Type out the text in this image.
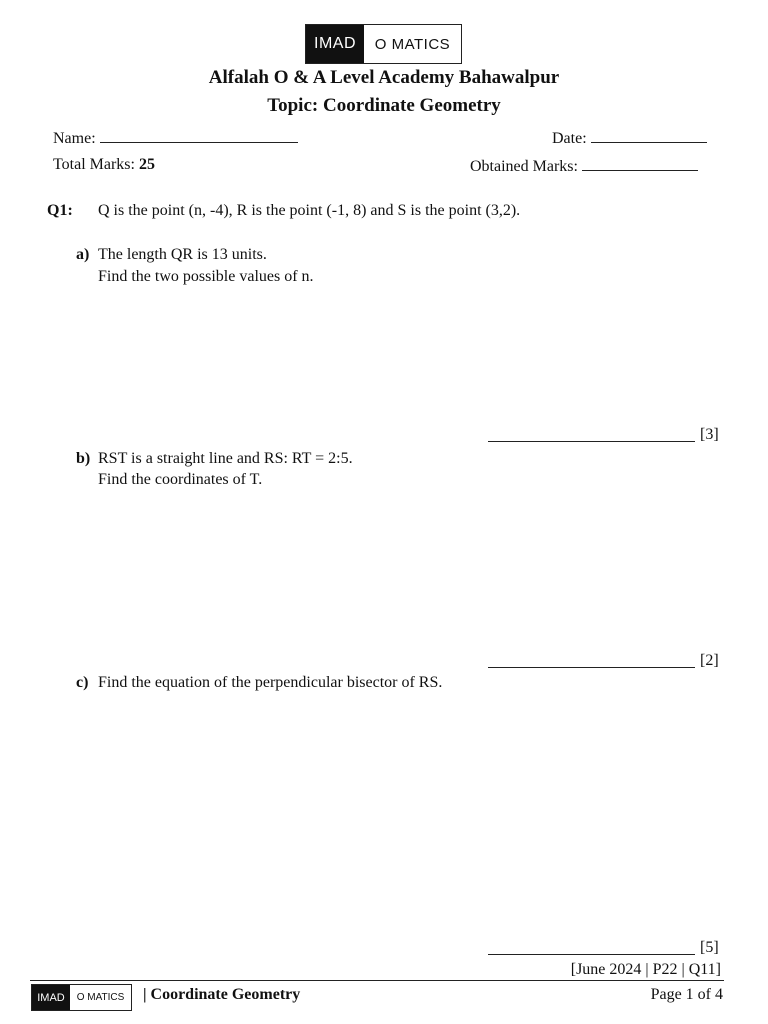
IMAD	O MATICS
Alfalah O & A Level Academy Bahawalpur
Topic: Coordinate Geometry
Name:	Date:
Total Marks: 25	Obtained Marks:
Q1: Q is the point (n, -4), R is the point (-1, 8) and S is the point (3,2).
a) The length QR is 13 units.
Find the two possible values of n.
[3]
b) RST is a straight line and RS: RT = 2:5.
Find the coordinates of T.
[2]
c) Find the equation of the perpendicular bisector of RS.
[5]
[June 2024 | P22 | Q11]
IMAD	O MATICS	| Coordinate Geometry	Page 1 of 4
